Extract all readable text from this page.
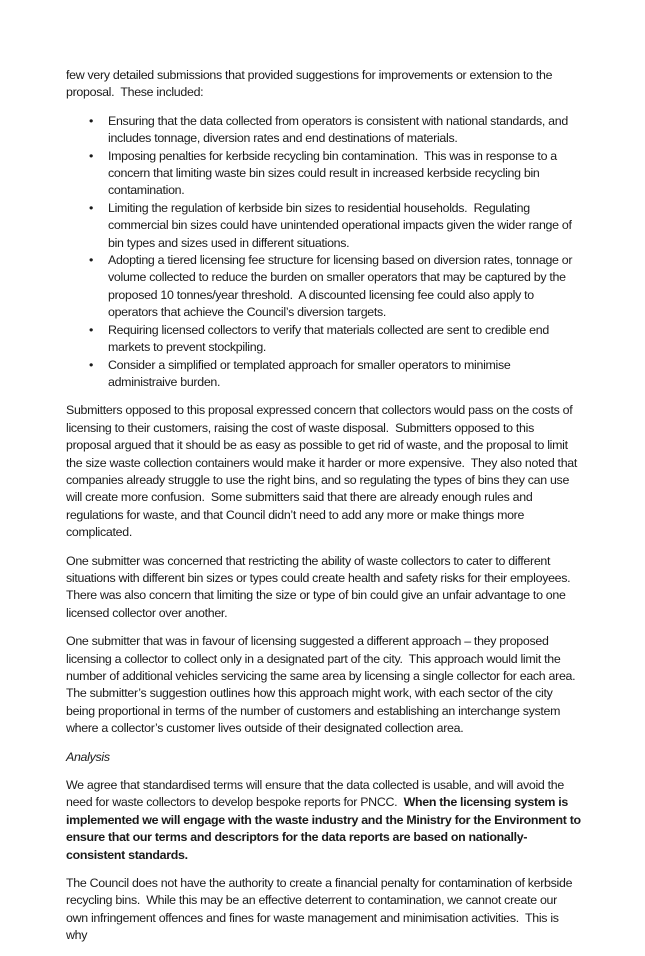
few very detailed submissions that provided suggestions for improvements or extension to the proposal.  These included:

• Ensuring that the data collected from operators is consistent with national standards, and includes tonnage, diversion rates and end destinations of materials.
• Imposing penalties for kerbside recycling bin contamination.  This was in response to a concern that limiting waste bin sizes could result in increased kerbside recycling bin contamination.
• Limiting the regulation of kerbside bin sizes to residential households.  Regulating commercial bin sizes could have unintended operational impacts given the wider range of bin types and sizes used in different situations.
• Adopting a tiered licensing fee structure for licensing based on diversion rates, tonnage or volume collected to reduce the burden on smaller operators that may be captured by the proposed 10 tonnes/year threshold.  A discounted licensing fee could also apply to operators that achieve the Council’s diversion targets.
• Requiring licensed collectors to verify that materials collected are sent to credible end markets to prevent stockpiling.
• Consider a simplified or templated approach for smaller operators to minimise administraive burden.

Submitters opposed to this proposal expressed concern that collectors would pass on the costs of licensing to their customers, raising the cost of waste disposal.  Submitters opposed to this proposal argued that it should be as easy as possible to get rid of waste, and the proposal to limit the size waste collection containers would make it harder or more expensive.  They also noted that companies already struggle to use the right bins, and so regulating the types of bins they can use will create more confusion.  Some submitters said that there are already enough rules and regulations for waste, and that Council didn’t need to add any more or make things more complicated.

One submitter was concerned that restricting the ability of waste collectors to cater to different situations with different bin sizes or types could create health and safety risks for their employees.  There was also concern that limiting the size or type of bin could give an unfair advantage to one licensed collector over another.

One submitter that was in favour of licensing suggested a different approach – they proposed licensing a collector to collect only in a designated part of the city.  This approach would limit the number of additional vehicles servicing the same area by licensing a single collector for each area.  The submitter’s suggestion outlines how this approach might work, with each sector of the city being proportional in terms of the number of customers and establishing an interchange system where a collector’s customer lives outside of their designated collection area.

Analysis

We agree that standardised terms will ensure that the data collected is usable, and will avoid the need for waste collectors to develop bespoke reports for PNCC.  When the licensing system is implemented we will engage with the waste industry and the Ministry for the Environment to ensure that our terms and descriptors for the data reports are based on nationally-consistent standards.

The Council does not have the authority to create a financial penalty for contamination of kerbside recycling bins.  While this may be an effective deterrent to contamination, we cannot create our own infringement offences and fines for waste management and minimisation activities.  This is why
